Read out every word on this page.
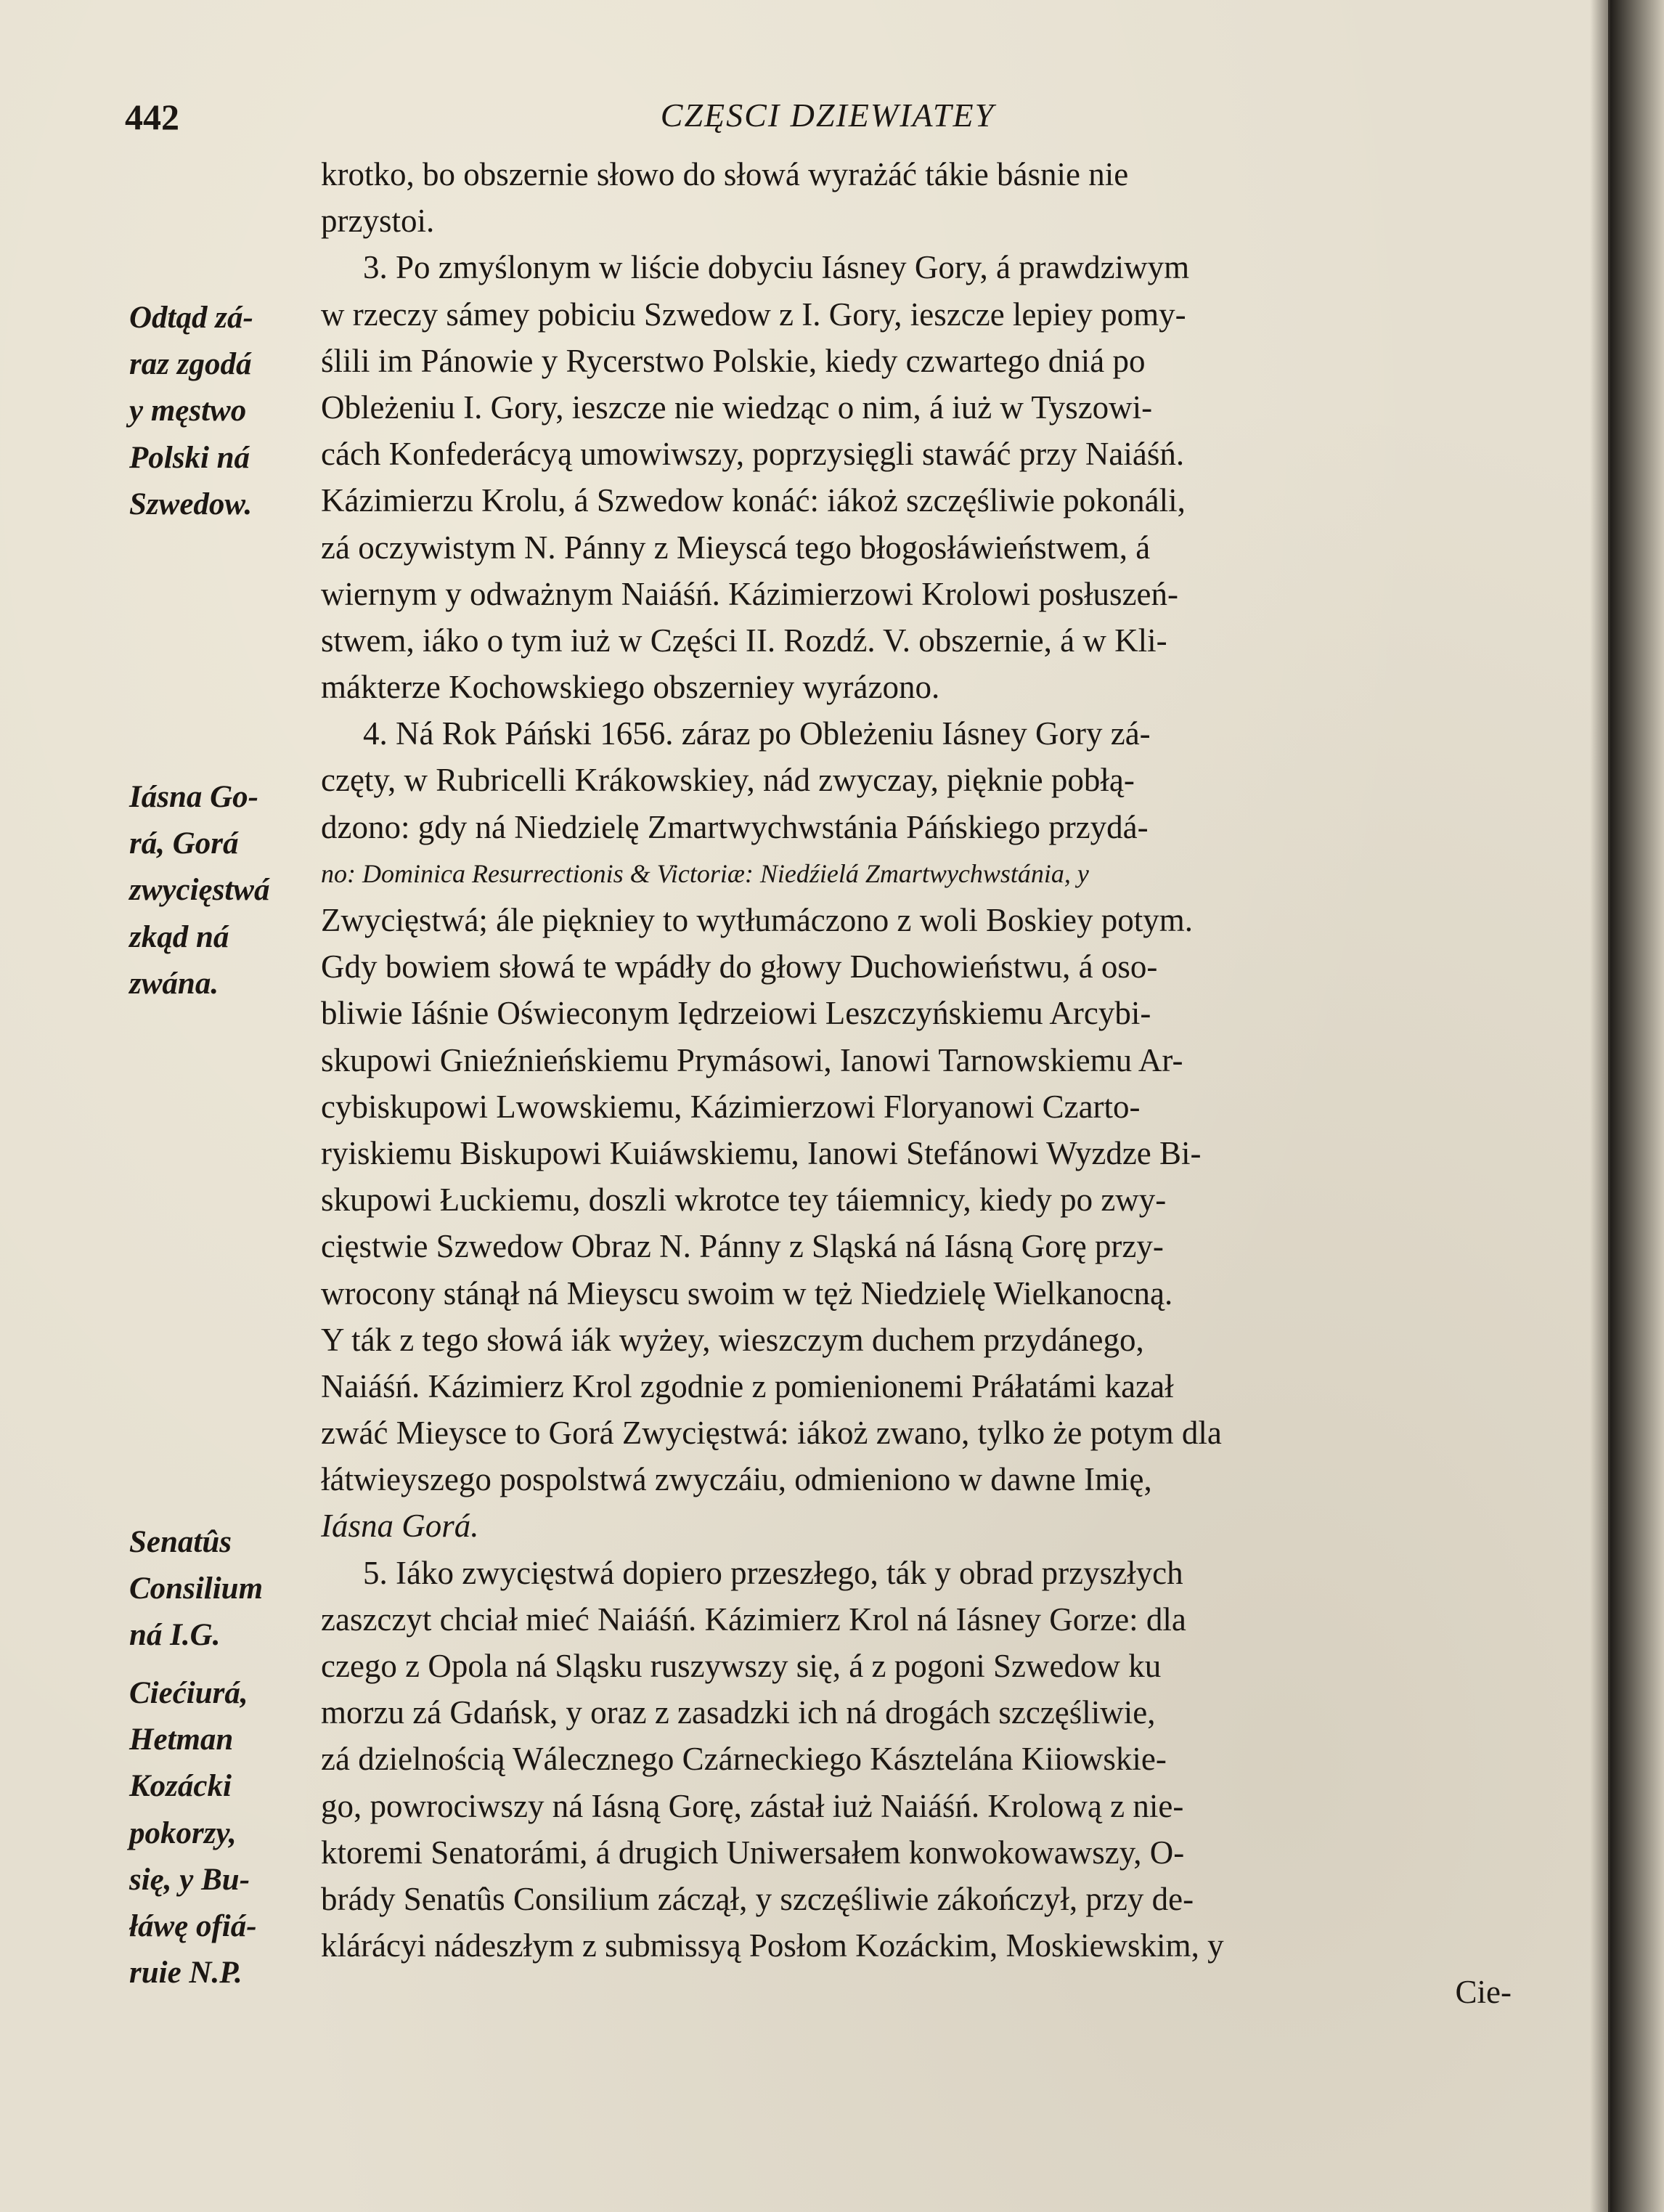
442	CZĘSCI DZIEWIATEY
krotko, bo obszernie słowo do słowá wyrażáć tákie básnie nie
przystoi.
3. Po zmyślonym w liście dobyciu Iásney Gory, á prawdziwym
w rzeczy sámey pobiciu Szwedow z I. Gory, ieszcze lepiey pomy-
ślili im Pánowie y Rycerstwo Polskie, kiedy czwartego dniá po
Obleżeniu I. Gory, ieszcze nie wiedząc o nim, á iuż w Tyszowi-
cách Konfederácyą umowiwszy, poprzysięgli stawáć przy Naiáśń.
Kázimierzu Krolu, á Szwedow konáć: iákoż szczęśliwie pokonáli,
zá oczywistym N. Pánny z Mieyscá tego błogosłáwieństwem, á
wiernym y odważnym Naiáśń. Kázimierzowi Krolowi posłuszeń-
stwem, iáko o tym iuż w Części II. Rozdź. V. obszernie, á w Kli-
mákterze Kochowskiego obszerniey wyrázono.
4. Ná Rok Páński 1656. záraz po Obleżeniu Iásney Gory zá-
częty, w Rubricelli Krákowskiey, nád zwyczay, pięknie pobłą-
dzono: gdy ná Niedzielę Zmartwychwstánia Páńskiego przydá-
no: Dominica Resurrectionis & Victoriæ: Niedźielá Zmartwychwstánia, y
Zwycięstwá; ále piękniey to wytłumáczono z woli Boskiey potym.
Gdy bowiem słowá te wpádły do głowy Duchowieństwu, á oso-
bliwie Iáśnie Oświeconym Iędrzeiowi Leszczyńskiemu Arcybi-
skupowi Gnieźnieńskiemu Prymásowi, Ianowi Tarnowskiemu Ar-
cybiskupowi Lwowskiemu, Kázimierzowi Floryanowi Czarto-
ryiskiemu Biskupowi Kuiáwskiemu, Ianowi Stefánowi Wyzdze Bi-
skupowi Łuckiemu, doszli wkrotce tey táiemnicy, kiedy po zwy-
cięstwie Szwedow Obraz N. Pánny z Sląská ná Iásną Gorę przy-
wrocony stánął ná Mieyscu swoim w tęż Niedzielę Wielkanocną.
Y ták z tego słowá iák wyżey, wieszczym duchem przydánego,
Naiáśń. Kázimierz Krol zgodnie z pomienionemi Práłatámi kazał
zwáć Mieysce to Gorá Zwycięstwá: iákoż zwano, tylko że potym dla
łátwieyszego pospolstwá zwyczáiu, odmieniono w dawne Imię,
Iásna Gorá.
5. Iáko zwycięstwá dopiero przeszłego, ták y obrad przyszłych
zaszczyt chciał mieć Naiáśń. Kázimierz Krol ná Iásney Gorze: dla
czego z Opola ná Sląsku ruszywszy się, á z pogoni Szwedow ku
morzu zá Gdańsk, y oraz z zasadzki ich ná drogách szczęśliwie,
zá dzielnością Wálecznego Czárneckiego Kásztelána Kiiowskie-
go, powrociwszy ná Iásną Gorę, zástał iuż Naiáśń. Krolową z nie-
ktoremi Senatorámi, á drugich Uniwersałem konwokowawszy, O-
brády Senatûs Consilium záczął, y szczęśliwie zákończył, przy de-
klárácyi nádeszłym z submissyą Posłom Kozáckim, Moskiewskim, y
Cie-
Odtąd zá-
raz zgodá
y męstwo
Polski ná
Szwedow.
Iásna Go-
rá, Gorá
zwycięstwá
zkąd ná
zwána.
Senatûs
Consilium
ná I.G.
Ciećiurá,
Hetman
Kozácki
pokorzy,
się, y Bu-
łáwę ofiá-
ruie N.P.
